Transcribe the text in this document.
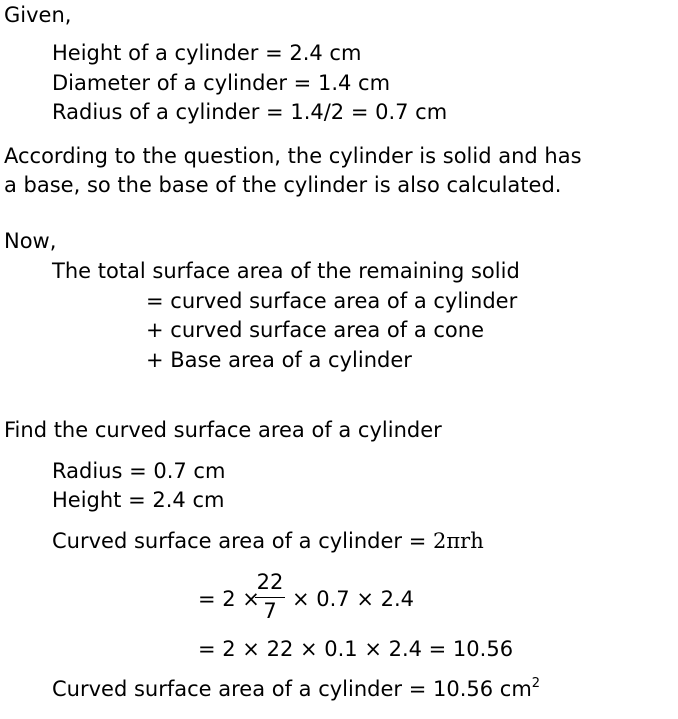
Given,
Height of a cylinder = 2.4 cm
Diameter of a cylinder = 1.4 cm
Radius of a cylinder = 1.4/2 = 0.7 cm
According to the question, the cylinder is solid and has
a base, so the base of the cylinder is also calculated.
Now,
The total surface area of the remaining solid
= curved surface area of a cylinder
+ curved surface area of a cone
+ Base area of a cylinder
Find the curved surface area of a cylinder
Radius = 0.7 cm
Height = 2.4 cm
Curved surface area of a cylinder = 2πrh
= 2 ×
22
7 × 0.7 × 2.4
= 2 × 22 × 0.1 × 2.4 = 10.56
Curved surface area of a cylinder = 10.56 $cm^2$
